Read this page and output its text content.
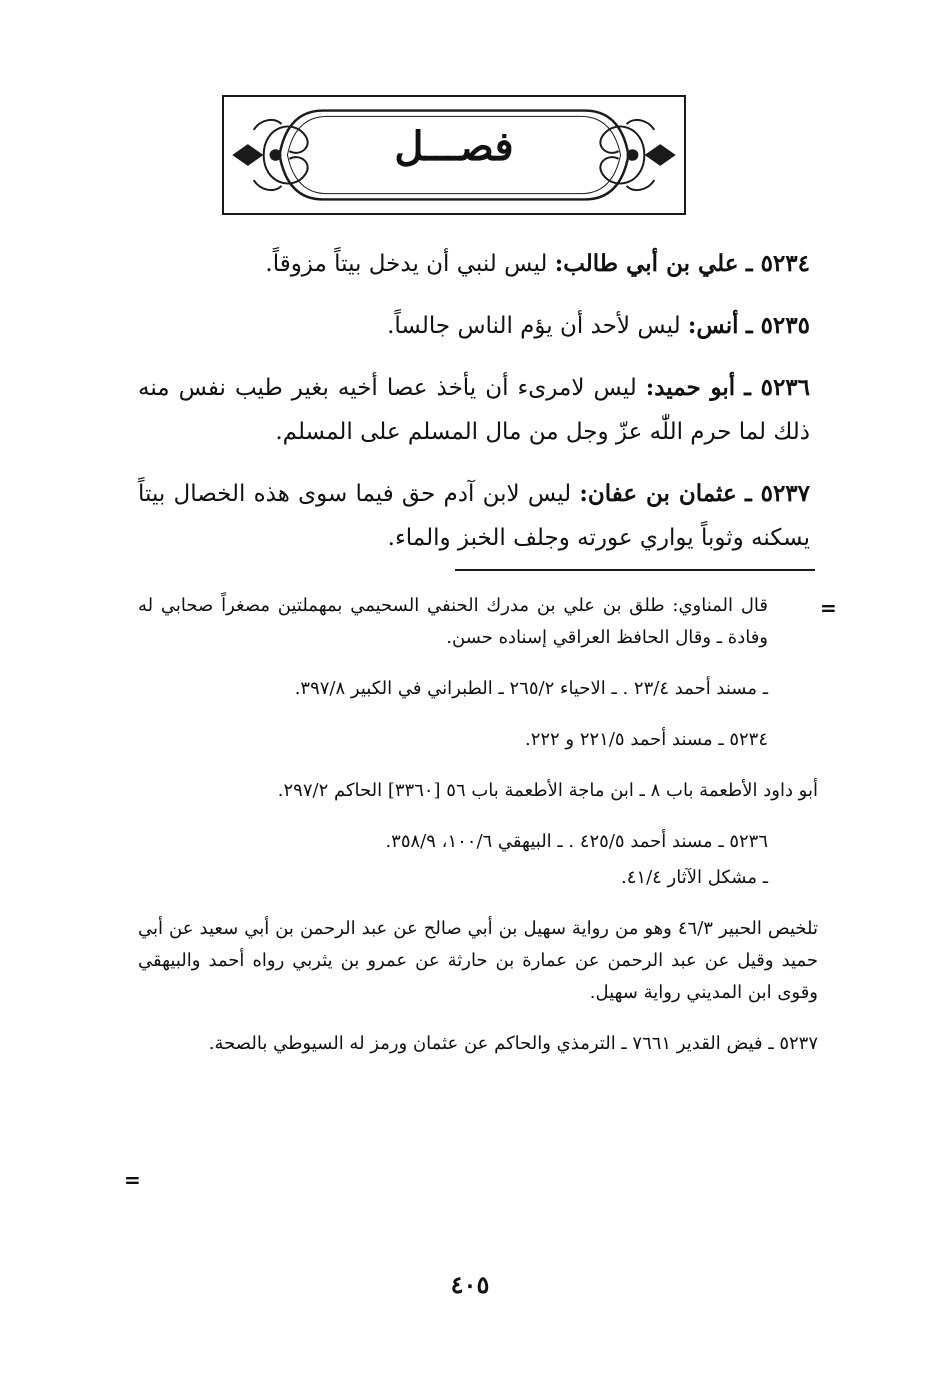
فصـــل

٥٢٣٤ ـ علي بن أبي طالب: ليس لنبي أن يدخل بيتاً مزوقاً.

٥٢٣٥ ـ أنس: ليس لأحد أن يؤم الناس جالساً.

٥٢٣٦ ـ أبو حميد: ليس لامرىء أن يأخذ عصا أخيه بغير طيب نفس منه ذلك لما حرم اللّٰه عزّ وجل من مال المسلم على المسلم.

٥٢٣٧ ـ عثمان بن عفان: ليس لابن آدم حق فيما سوى هذه الخصال بيتاً يسكنه وثوباً يواري عورته وجلف الخبز والماء.

=

قال المناوي: طلق بن علي بن مدرك الحنفي السحيمي بمهملتين مصغراً صحابي له وفادة ـ وقال الحافظ العراقي إسناده حسن.

ـ مسند أحمد ٢٣/٤ . ـ الاحياء ٢٦٥/٢ ـ الطبراني في الكبير ٣٩٧/٨.

٥٢٣٤ ـ مسند أحمد ٢٢١/٥ و ٢٢٢.

أبو داود الأطعمة باب ٨ ـ ابن ماجة الأطعمة باب ٥٦ [٣٣٦٠] الحاكم ٢٩٧/٢.

٥٢٣٦ ـ مسند أحمد ٤٢٥/٥ . ـ البيهقي ١٠٠/٦، ٣٥٨/٩.

ـ مشكل الآثار ٤١/٤.

تلخيص الحبير ٤٦/٣ وهو من رواية سهيل بن أبي صالح عن عبد الرحمن بن أبي سعيد عن أبي حميد وقيل عن عبد الرحمن عن عمارة بن حارثة عن عمرو بن يثربي رواه أحمد والبيهقي وقوى ابن المديني رواية سهيل.

٥٢٣٧ ـ فيض القدير ٧٦٦١ ـ الترمذي والحاكم عن عثمان ورمز له السيوطي بالصحة.

=
٤٠٥
